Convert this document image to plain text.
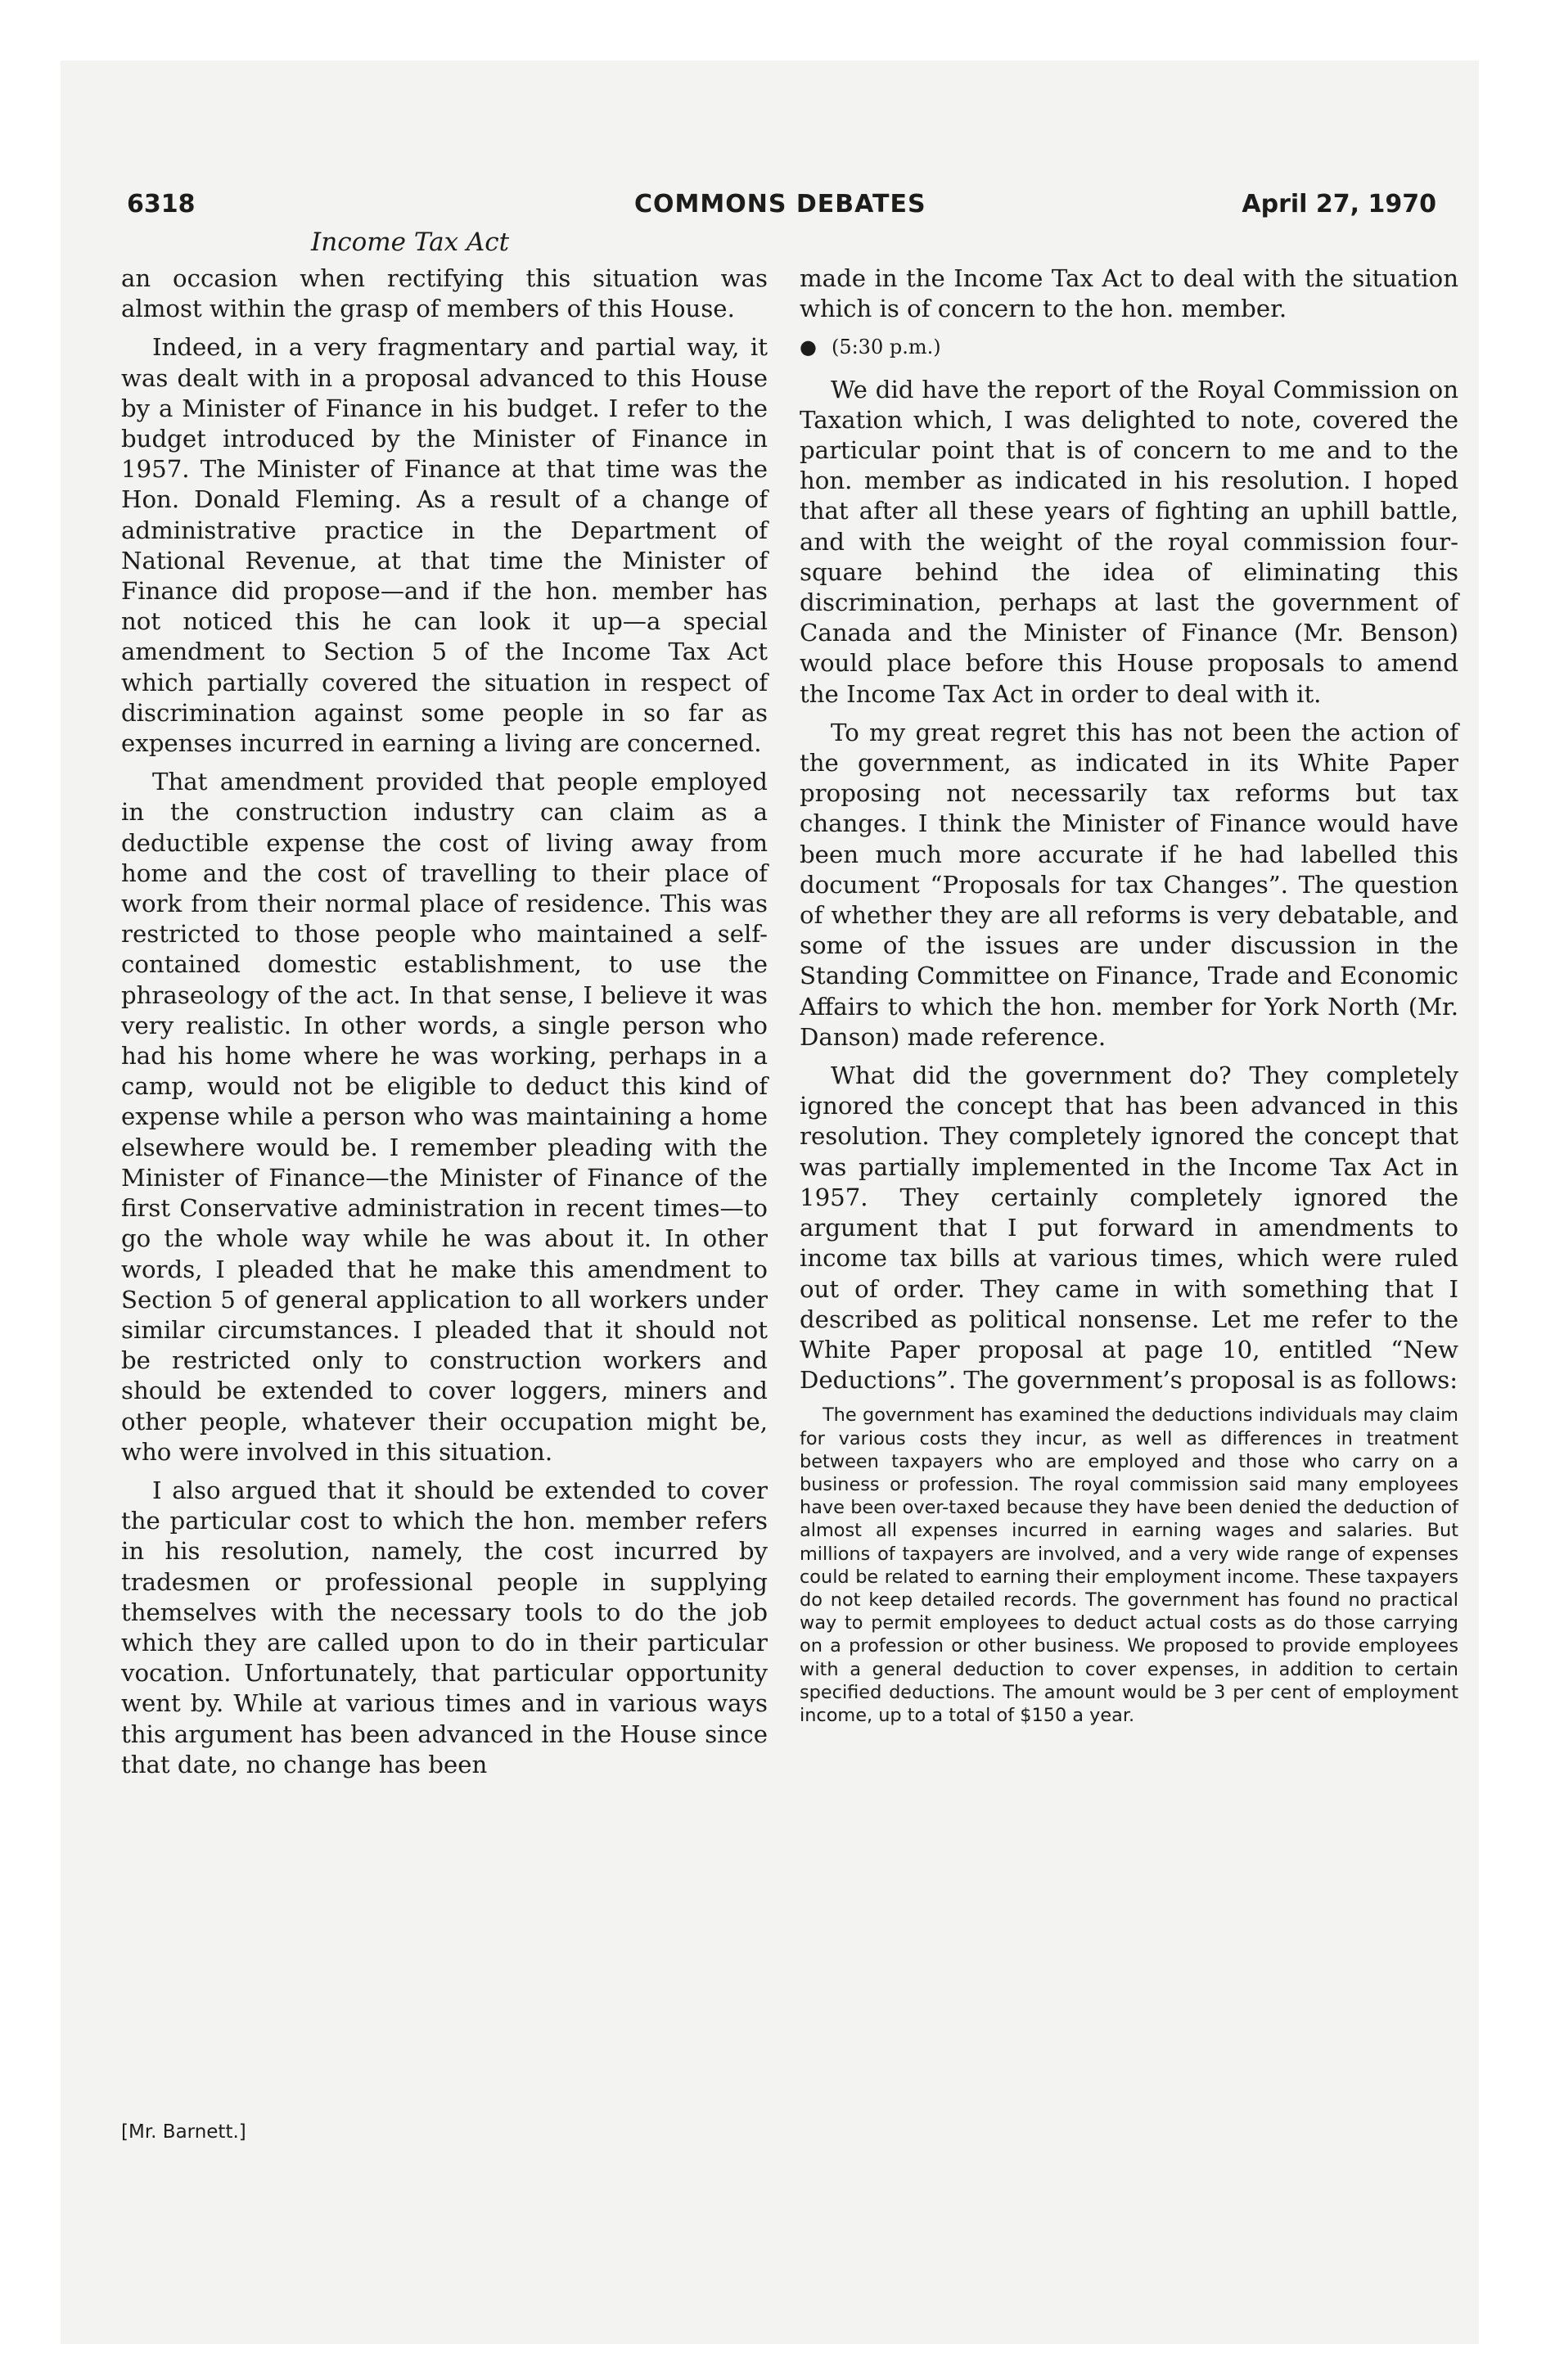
6318	COMMONS DEBATES	April 27, 1970
Income Tax Act

an occasion when rectifying this situation was almost within the grasp of members of this House.

Indeed, in a very fragmentary and partial way, it was dealt with in a proposal advanced to this House by a Minister of Finance in his budget. I refer to the budget introduced by the Minister of Finance in 1957. The Minister of Finance at that time was the Hon. Donald Fleming. As a result of a change of administrative practice in the Department of National Revenue, at that time the Minister of Finance did propose—and if the hon. member has not noticed this he can look it up—a special amendment to Section 5 of the Income Tax Act which partially covered the situation in respect of discrimination against some people in so far as expenses incurred in earning a living are concerned.

That amendment provided that people employed in the construction industry can claim as a deductible expense the cost of living away from home and the cost of travelling to their place of work from their normal place of residence. This was restricted to those people who maintained a self-contained domestic establishment, to use the phraseology of the act. In that sense, I believe it was very realistic. In other words, a single person who had his home where he was working, perhaps in a camp, would not be eligible to deduct this kind of expense while a person who was maintaining a home elsewhere would be. I remember pleading with the Minister of Finance—the Minister of Finance of the first Conservative administration in recent times—to go the whole way while he was about it. In other words, I pleaded that he make this amendment to Section 5 of general application to all workers under similar circumstances. I pleaded that it should not be restricted only to construction workers and should be extended to cover loggers, miners and other people, whatever their occupation might be, who were involved in this situation.

I also argued that it should be extended to cover the particular cost to which the hon. member refers in his resolution, namely, the cost incurred by tradesmen or professional people in supplying themselves with the necessary tools to do the job which they are called upon to do in their particular vocation. Unfortunately, that particular opportunity went by. While at various times and in various ways this argument has been advanced in the House since that date, no change has been

made in the Income Tax Act to deal with the situation which is of concern to the hon. member.

● (5:30 p.m.)

We did have the report of the Royal Commission on Taxation which, I was delighted to note, covered the particular point that is of concern to me and to the hon. member as indicated in his resolution. I hoped that after all these years of fighting an uphill battle, and with the weight of the royal commission four-square behind the idea of eliminating this discrimination, perhaps at last the government of Canada and the Minister of Finance (Mr. Benson) would place before this House proposals to amend the Income Tax Act in order to deal with it.

To my great regret this has not been the action of the government, as indicated in its White Paper proposing not necessarily tax reforms but tax changes. I think the Minister of Finance would have been much more accurate if he had labelled this document “Proposals for tax Changes”. The question of whether they are all reforms is very debatable, and some of the issues are under discussion in the Standing Committee on Finance, Trade and Economic Affairs to which the hon. member for York North (Mr. Danson) made reference.

What did the government do? They completely ignored the concept that has been advanced in this resolution. They completely ignored the concept that was partially implemented in the Income Tax Act in 1957. They certainly completely ignored the argument that I put forward in amendments to income tax bills at various times, which were ruled out of order. They came in with something that I described as political nonsense. Let me refer to the White Paper proposal at page 10, entitled “New Deductions”. The government’s proposal is as follows:

The government has examined the deductions individuals may claim for various costs they incur, as well as differences in treatment between taxpayers who are employed and those who carry on a business or profession. The royal commission said many employees have been over-taxed because they have been denied the deduction of almost all expenses incurred in earning wages and salaries. But millions of taxpayers are involved, and a very wide range of expenses could be related to earning their employment income. These taxpayers do not keep detailed records. The government has found no practical way to permit employees to deduct actual costs as do those carrying on a profession or other business. We proposed to provide employees with a general deduction to cover expenses, in addition to certain specified deductions. The amount would be 3 per cent of employment income, up to a total of $150 a year.
[Mr. Barnett.]
